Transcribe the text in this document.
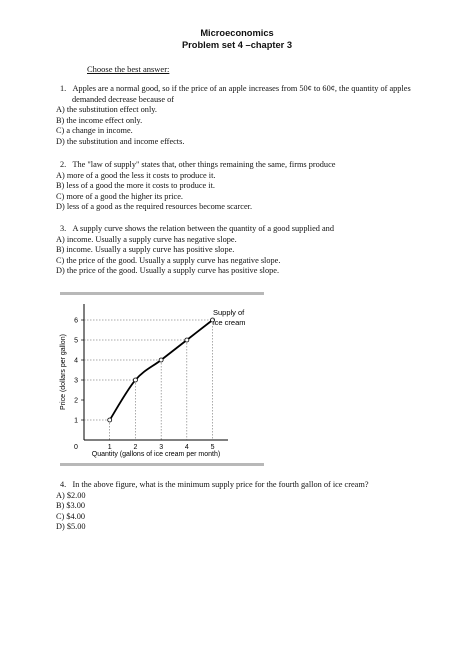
Microeconomics
Problem set 4 –chapter 3
Choose the best answer:
1.   Apples are a normal good, so if the price of an apple increases from 50¢ to 60¢, the quantity of apples demanded decrease because of
A) the substitution effect only.
B) the income effect only.
C) a change in income.
D) the substitution and income effects.
2.   The "law of supply" states that, other things remaining the same, firms produce
A) more of a good the less it costs to produce it.
B) less of a good the more it costs to produce it.
C) more of a good the higher its price.
D) less of a good as the required resources become scarcer.
3.   A supply curve shows the relation between the quantity of a good supplied and
A) income. Usually a supply curve has negative slope.
B) income. Usually a supply curve has positive slope.
C) the price of the good. Usually a supply curve has negative slope.
D) the price of the good. Usually a supply curve has positive slope.
0	1	2	3	4	5
1
2
3
4
5
6
Quantity (gallons of ice cream per month)
Price (dollars per gallon)
Supply of
ice cream
4.   In the above figure, what is the minimum supply price for the fourth gallon of ice cream?
A) $2.00
B) $3.00
C) $4.00
D) $5.00
